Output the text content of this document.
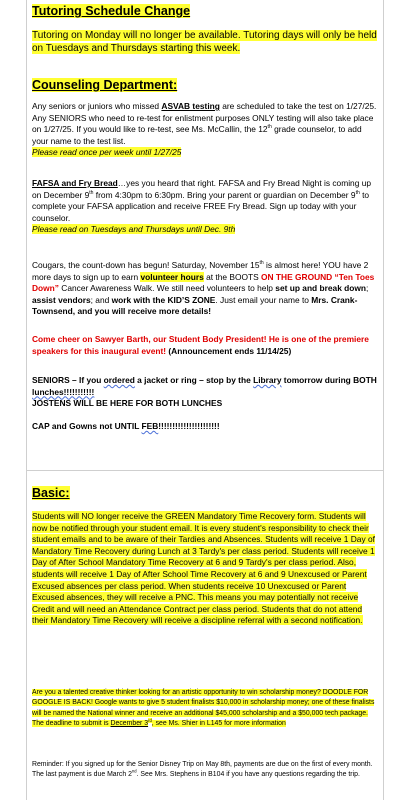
Tutoring Schedule Change

Tutoring on Monday will no longer be available. Tutoring days will only be held on Tuesdays and Thursdays starting this week.

Counseling Department:

Any seniors or juniors who missed ASVAB testing are scheduled to take the test on 1/27/25. Any SENIORS who need to re-test for enlistment purposes ONLY testing will also take place on 1/27/25. If you would like to re-test, see Ms. McCallin, the 12th grade counselor, to add your name to the test list.

Please read once per week until 1/27/25

FAFSA and Fry Bread…yes you heard that right. FAFSA and Fry Bread Night is coming up on December 9th from 4:30pm to 6:30pm. Bring your parent or guardian on December 9th to complete your FAFSA application and receive FREE Fry Bread. Sign up today with your counselor.

Please read on Tuesdays and Thursdays until Dec. 9th

Cougars, the count-down has begun! Saturday, November 15th is almost here! YOU have 2 more days to sign up to earn volunteer hours at the BOOTS ON THE GROUND “Ten Toes Down” Cancer Awareness Walk. We still need volunteers to help set up and break down; assist vendors; and work with the KID’S ZONE. Just email your name to Mrs. Crank-Townsend, and you will receive more details!

Come cheer on Sawyer Barth, our Student Body President! He is one of the premiere speakers for this inaugural event! (Announcement ends 11/14/25)

SENIORS – If you ordered a jacket or ring – stop by the Library tomorrow during BOTH lunches!!!!!!!!!!!

JOSTENS WILL BE HERE FOR BOTH LUNCHES

CAP and Gowns not UNTIL FEB!!!!!!!!!!!!!!!!!!!!!!

Basic:

Students will NO longer receive the GREEN Mandatory Time Recovery form. Students will now be notified through your student email. It is every student's responsibility to check their student emails and to be aware of their Tardies and Absences. Students will receive 1 Day of Mandatory Time Recovery during Lunch at 3 Tardy's per class period. Students will receive 1 Day of After School Mandatory Time Recovery at 6 and 9 Tardy's per class period. Also, students will receive 1 Day of After School Time Recovery at 6 and 9 Unexcused or Parent Excused absences per class period. When students receive 10 Unexcused or Parent Excused absences, they will receive a PNC. This means you may potentially not receive Credit and will need an Attendance Contract per class period. Students that do not attend their Mandatory Time Recovery will receive a discipline referral with a second notification.

Are you a talented creative thinker looking for an artistic opportunity to win scholarship money? DOODLE FOR GOOGLE IS BACK! Google wants to give 5 student finalists $10,000 in scholarship money; one of these finalists will be named the National winner and receive an additional $45,000 scholarship and a $50,000 tech package. The deadline to submit is December 3rd, see Ms. Shier in L145 for more information

Reminder: If you signed up for the Senior Disney Trip on May 8th, payments are due on the first of every month. The last payment is due March 2nd. See Mrs. Stephens in B104 if you have any questions regarding the trip.
